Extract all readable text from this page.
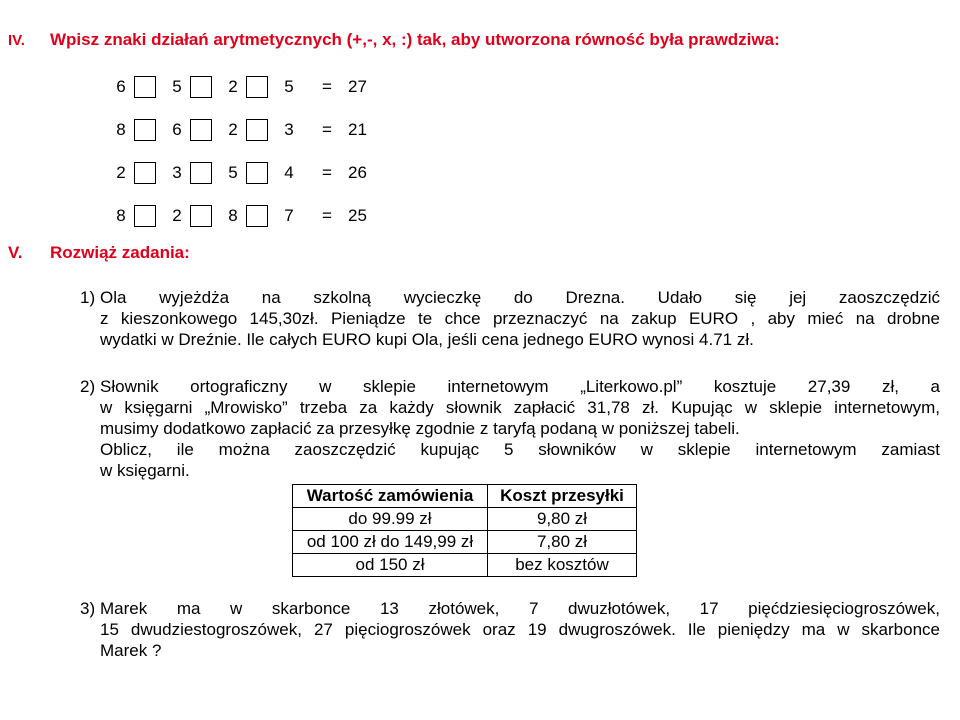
IV. Wpisz znaki działań arytmetycznych (+,-, x, :) tak, aby utworzona równość była prawdziwa:
6	5	2	5	= 27
8	6	2	3	= 21
2	3	5	4	= 26
8	2	8	7	= 25
V. Rozwiąż zadania:
1) Ola wyjeżdża na szkolną wycieczkę do Drezna. Udało się jej zaoszczędzić

z kieszonkowego 145,30zł. Pieniądze te chce przeznaczyć na zakup EURO , aby mieć na drobne

wydatki w Dreźnie. Ile całych EURO kupi Ola, jeśli cena jednego EURO wynosi 4.71 zł.

2) Słownik ortograficzny w sklepie internetowym „Literkowo.pl” kosztuje 27,39 zł, a

w księgarni „Mrowisko” trzeba za każdy słownik zapłacić 31,78 zł. Kupując w sklepie internetowym,

musimy dodatkowo zapłacić za przesyłkę zgodnie z taryfą podaną w poniższej tabeli.

Oblicz, ile można zaoszczędzić kupując 5 słowników w sklepie internetowym zamiast

w księgarni.

Wartość zamówienia	Koszt przesyłki
do 99.99 zł	9,80 zł
od 100 zł do 149,99 zł	7,80 zł
od 150 zł	bez kosztów
3) Marek ma w skarbonce 13 złotówek, 7 dwuzłotówek, 17 pięćdziesięciogroszówek,

15 dwudziestogroszówek, 27 pięciogroszówek oraz 19 dwugroszówek. Ile pieniędzy ma w skarbonce

Marek ?
